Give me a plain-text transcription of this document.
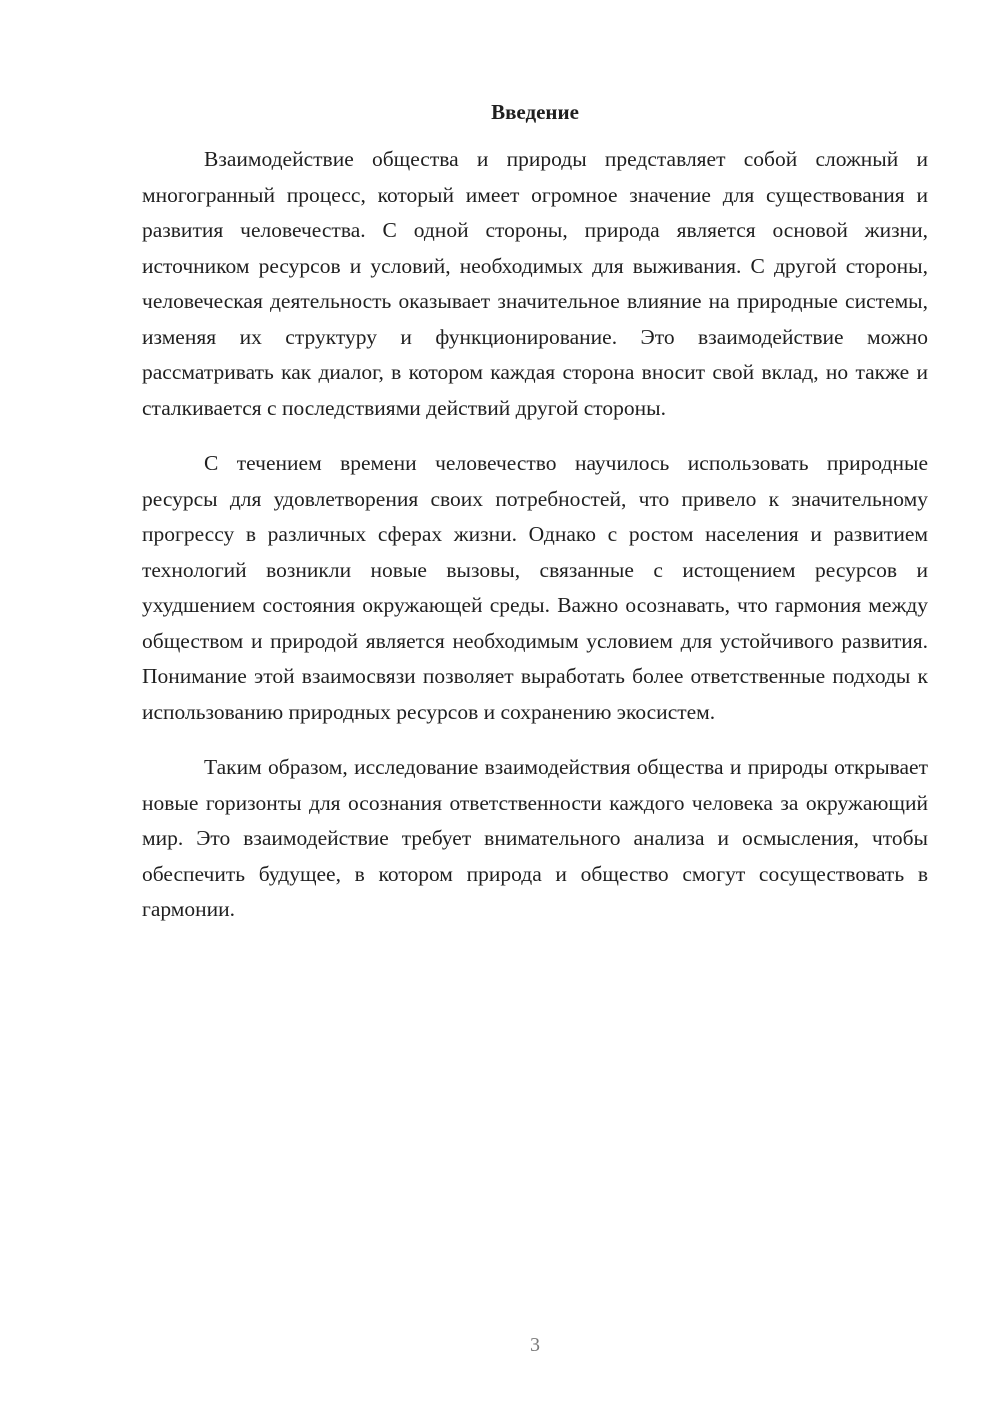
Введение

Взаимодействие общества и природы представляет собой сложный и многогранный процесс, который имеет огромное значение для существования и развития человечества. С одной стороны, природа является основой жизни, источником ресурсов и условий, необходимых для выживания. С другой стороны, человеческая деятельность оказывает значительное влияние на природные системы, изменяя их структуру и функционирование. Это взаимодействие можно рассматривать как диалог, в котором каждая сторона вносит свой вклад, но также и сталкивается с последствиями действий другой стороны.

С течением времени человечество научилось использовать природные ресурсы для удовлетворения своих потребностей, что привело к значительному прогрессу в различных сферах жизни. Однако с ростом населения и развитием технологий возникли новые вызовы, связанные с истощением ресурсов и ухудшением состояния окружающей среды. Важно осознавать, что гармония между обществом и природой является необходимым условием для устойчивого развития. Понимание этой взаимосвязи позволяет выработать более ответственные подходы к использованию природных ресурсов и сохранению экосистем.

Таким образом, исследование взаимодействия общества и природы открывает новые горизонты для осознания ответственности каждого человека за окружающий мир. Это взаимодействие требует внимательного анализа и осмысления, чтобы обеспечить будущее, в котором природа и общество смогут сосуществовать в гармонии.

3
